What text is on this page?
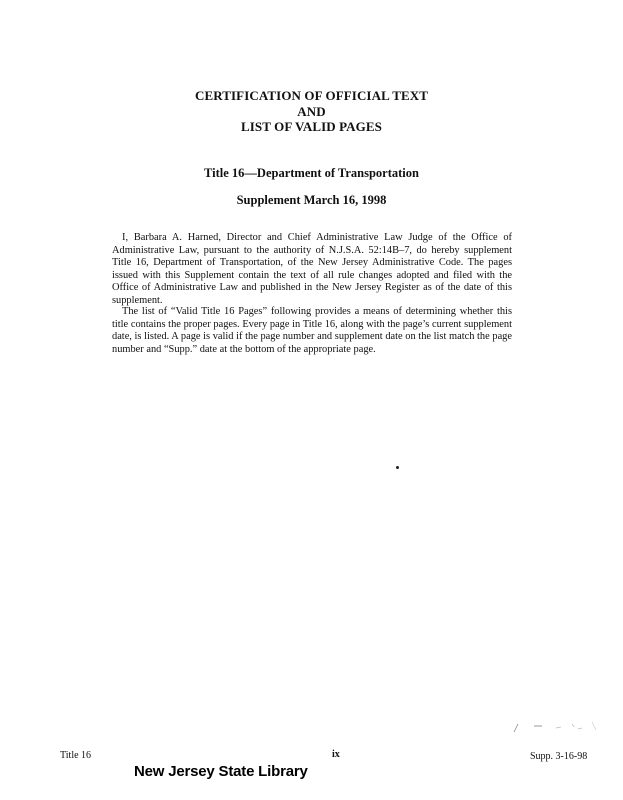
CERTIFICATION OF OFFICIAL TEXT
AND
LIST OF VALID PAGES
Title 16—Department of Transportation
Supplement March 16, 1998

I, Barbara A. Harned, Director and Chief Administrative Law Judge of the Office of Administrative Law, pursuant to the authority of N.J.S.A. 52:14B–7, do hereby supplement Title 16, Department of Transportation, of the New Jersey Administrative Code. The pages issued with this Supplement contain the text of all rule changes adopted and filed with the Office of Administrative Law and published in the New Jersey Register as of the date of this supplement.

The list of “Valid Title 16 Pages” following provides a means of determining whether this title contains the proper pages. Every page in Title 16, along with the page’s current supplement date, is listed. A page is valid if the page number and supplement date on the list match the page number and “Supp.” date at the bottom of the appropriate page.

Title 16	ix	Supp. 3-16-98
New Jersey State Library
